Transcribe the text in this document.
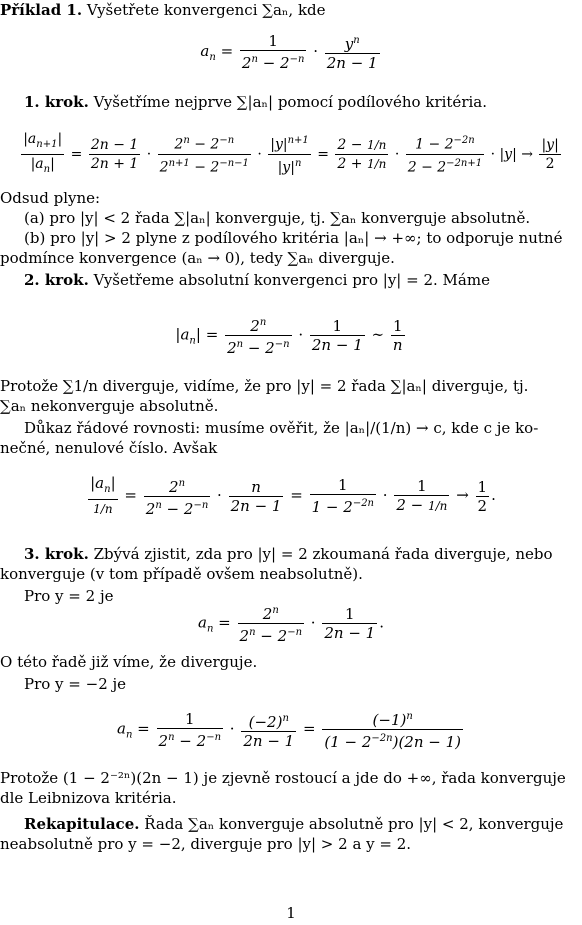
Příklad 1. Vyšetřete konvergenci ∑aₙ, kde
$a_n = \frac{1}{2^n - 2^{-n}} \cdot \frac{y^n}{2n - 1}$
1. krok. Vyšetříme nejprve ∑|aₙ| pomocí podílového kritéria.
$\frac{|a_{n+1}|}{|a_n|} = \frac{2n - 1}{2n + 1} \cdot \frac{2^n - 2^{-n}}{2^{n+1} - 2^{-n-1}} \cdot \frac{|y|^{n+1}}{|y|^n} = \frac{2 - 1/n}{2 + 1/n} \cdot \frac{1 - 2^{-2n}}{2 - 2^{-2n+1}} \cdot |y| \to \frac{|y|}{2}$
Odsud plyne:
(a) pro |y| < 2 řada ∑|aₙ| konverguje, tj. ∑aₙ konverguje absolutně.
(b) pro |y| > 2 plyne z podílového kritéria |aₙ| → +∞; to odporuje nutné
podmínce konvergence (aₙ → 0), tedy ∑aₙ diverguje.
2. krok. Vyšetřeme absolutní konvergenci pro |y| = 2. Máme
$|a_n| = \frac{2^n}{2^n - 2^{-n}} \cdot \frac{1}{2n - 1}$ ∼ $\frac{1}{n}$
Protože ∑1/n diverguje, vidíme, že pro |y| = 2 řada ∑|aₙ| diverguje, tj.
∑aₙ nekonverguje absolutně.
Důkaz řádové rovnosti: musíme ověřit, že |aₙ|/(1/n) → c, kde c je ko-
nečné, nenulové číslo. Avšak
$\frac{|a_n|}{1/n} = \frac{2^n}{2^n - 2^{-n}} \cdot \frac{n}{2n - 1} = \frac{1}{1 - 2^{-2n}} \cdot \frac{1}{2 - 1/n} \to \frac{1}{2}$ .
3. krok. Zbývá zjistit, zda pro |y| = 2 zkoumaná řada diverguje, nebo
konverguje (v tom případě ovšem neabsolutně).
Pro y = 2 je
$a_n = \frac{2^n}{2^n - 2^{-n}} \cdot \frac{1}{2n - 1}$ .
O této řadě již víme, že diverguje.
Pro y = −2 je
$a_n = \frac{1}{2^n - 2^{-n}} \cdot \frac{(-2)^n}{2n - 1} = \frac{(-1)^n}{(1 - 2^{-2n})(2n - 1)}$
Protože (1 − 2⁻²ⁿ)(2n − 1) je zjevně rostoucí a jde do +∞, řada konverguje
dle Leibnizova kritéria.
Rekapitulace. Řada ∑aₙ konverguje absolutně pro |y| < 2, konverguje
neabsolutně pro y = −2, diverguje pro |y| > 2 a y = 2.
1
